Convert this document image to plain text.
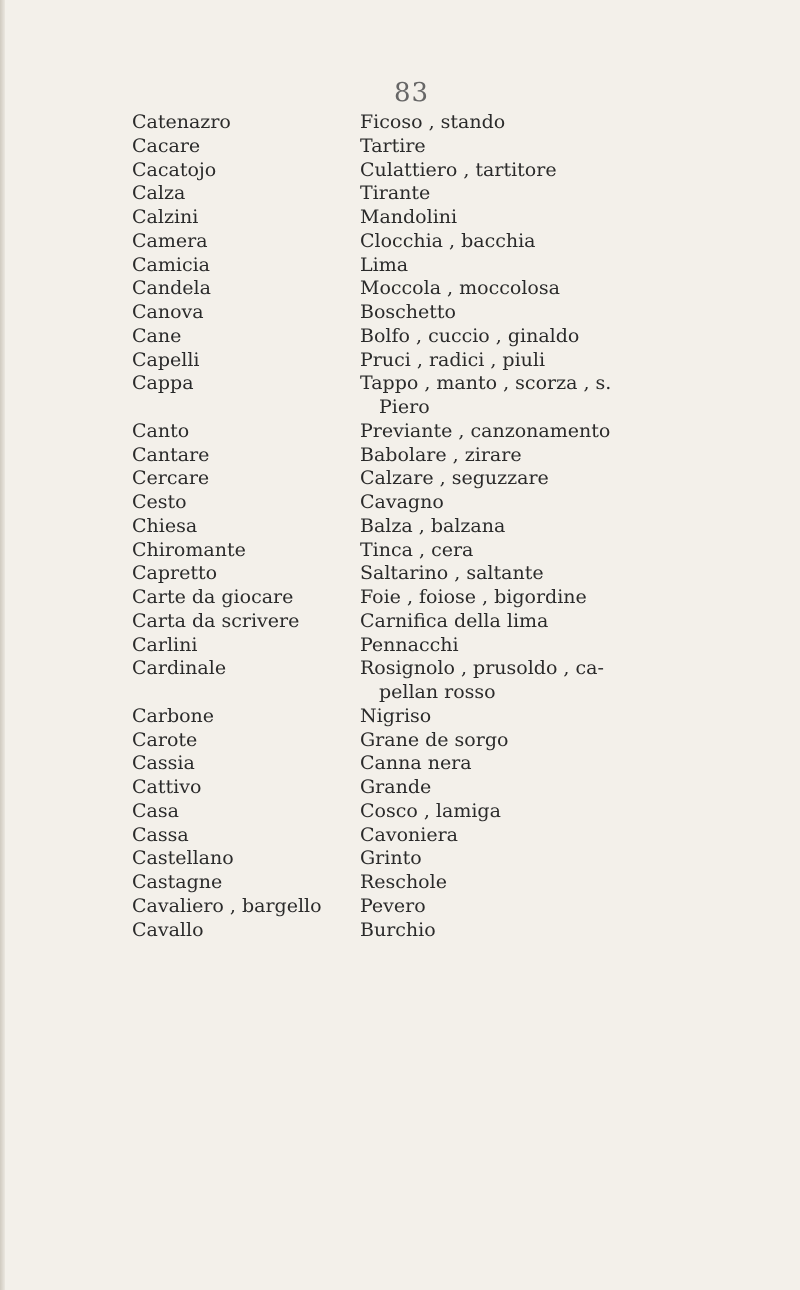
83
Catenazro
Cacare
Cacatojo
Calza
Calzini
Camera
Camicia
Candela
Canova
Cane
Capelli
Cappa
Canto
Cantare
Cercare
Cesto
Chiesa
Chiromante
Capretto
Carte da giocare
Carta da scrivere
Carlini
Cardinale
Carbone
Carote
Cassia
Cattivo
Casa
Cassa
Castellano
Castagne
Cavaliero , bargello
Cavallo
Ficoso , stando
Tartire
Culattiero , tartitore
Tirante
Mandolini
Clocchia , bacchia
Lima
Moccola , moccolosa
Boschetto
Bolfo , cuccio , ginaldo
Pruci , radici , piuli
Tappo , manto , scorza , s.
Piero
Previante , canzonamento
Babolare , zirare
Calzare , seguzzare
Cavagno
Balza , balzana
Tinca , cera
Saltarino , saltante
Foie , foiose , bigordine
Carnifica della lima
Pennacchi
Rosignolo , prusoldo , ca-
pellan rosso
Nigriso
Grane de sorgo
Canna nera
Grande
Cosco , lamiga
Cavoniera
Grinto
Reschole
Pevero
Burchio
